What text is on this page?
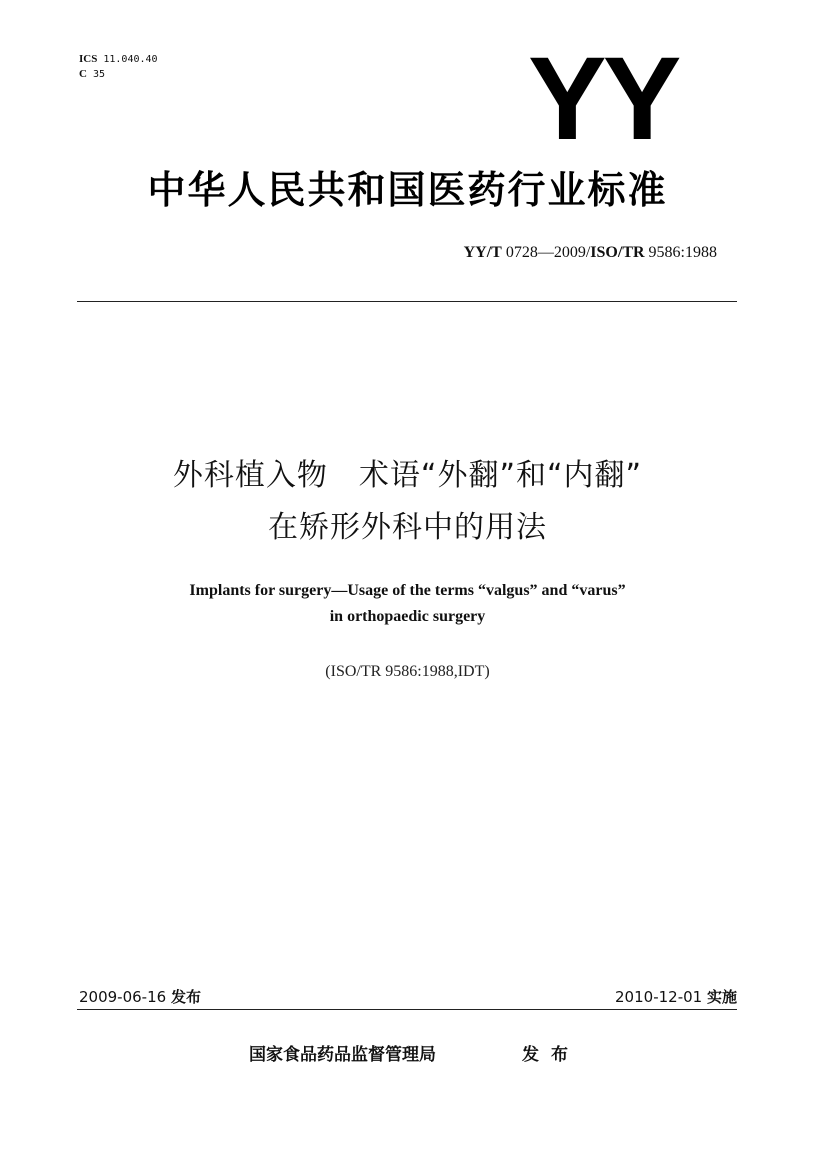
ICS 11.040.40
C 35	YY
中华人民共和国医药行业标准
YY/T 0728—2009/ISO/TR 9586:1988
外科植入物　术语“外翻”和“内翻”
在矫形外科中的用法
Implants for surgery—Usage of the terms “valgus” and “varus”
in orthopaedic surgery
(ISO/TR 9586:1988,IDT)
2009-06-16 发布	2010-12-01 实施
国家食品药品监督管理局	发布
